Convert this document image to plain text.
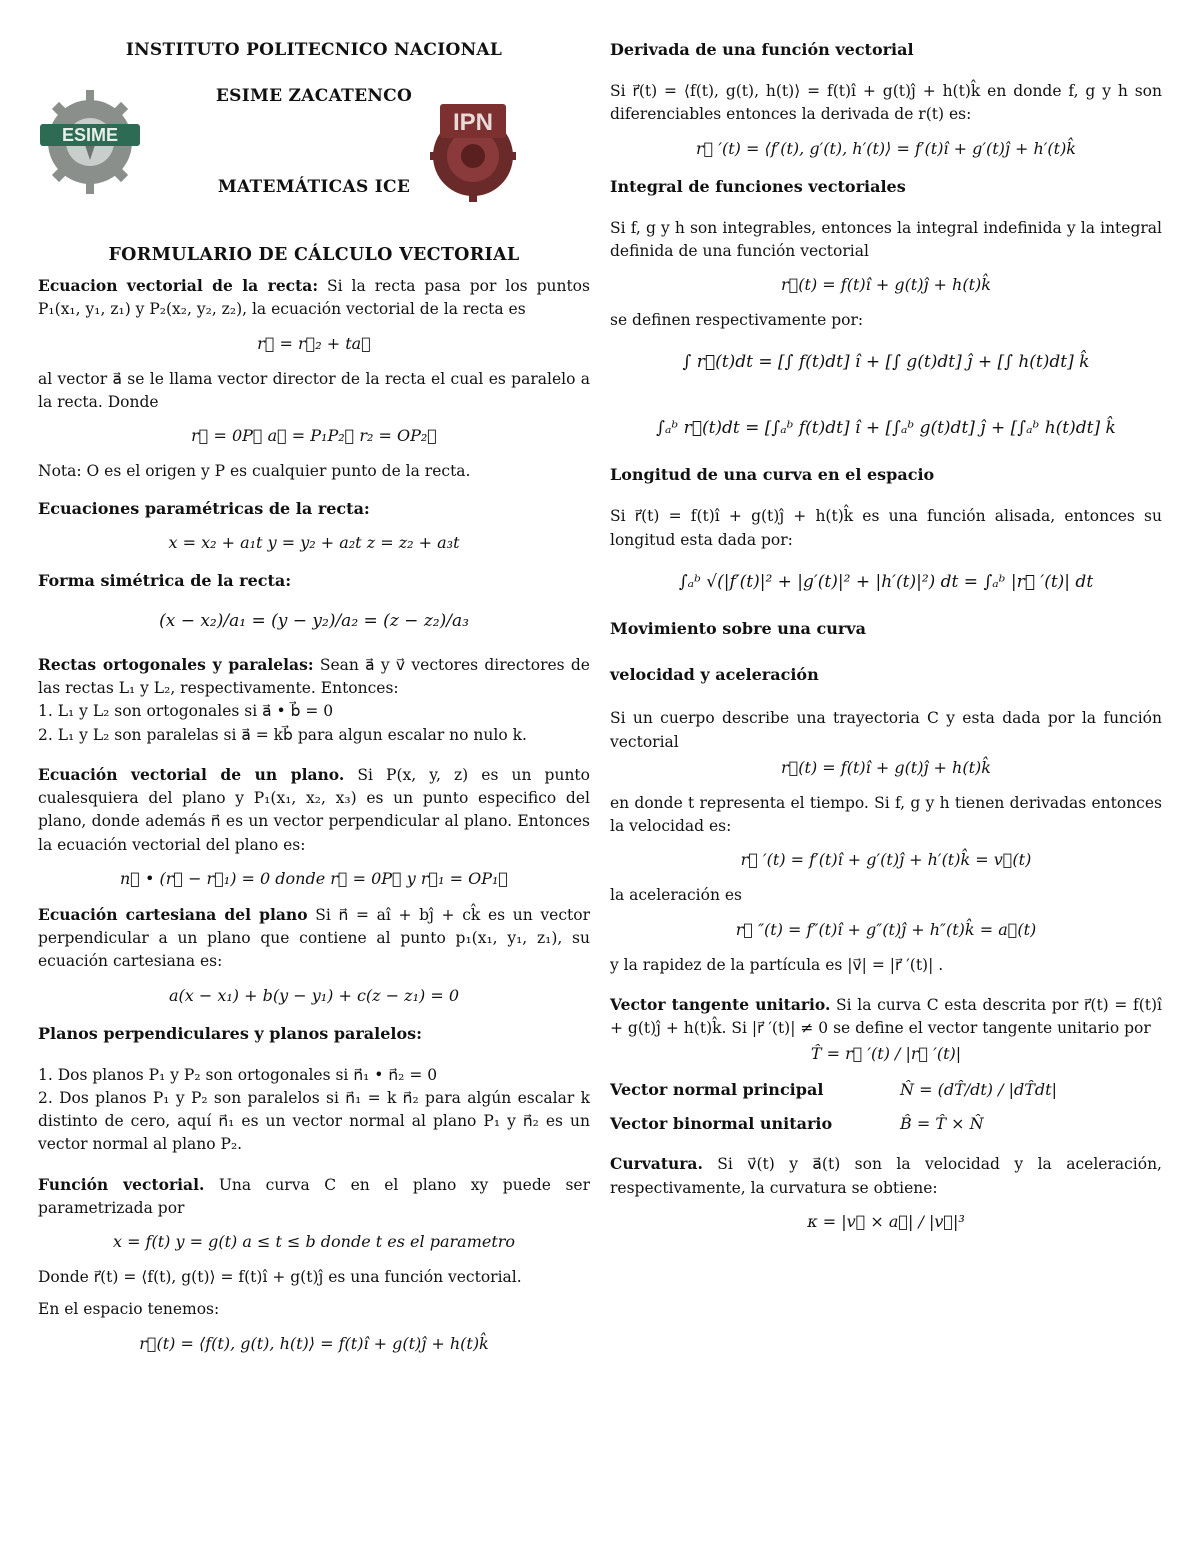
ESIME	IPN
INSTITUTO POLITECNICO NACIONAL
ESIME ZACATENCO
MATEMÁTICAS ICE
FORMULARIO DE CÁLCULO VECTORIAL

Ecuacion vectorial de la recta: Si la recta pasa por los puntos P₁(x₁, y₁, z₁) y P₂(x₂, y₂, z₂), la ecuación vectorial de la recta es

r⃗ = r⃗₂ + ta⃗

al vector a⃗ se le llama vector director de la recta el cual es paralelo a la recta. Donde

r⃗ = 0P⃗ a⃗ = P₁P₂⃗ r₂ = OP₂⃗

Nota: O es el origen y P es cualquier punto de la recta.

Ecuaciones paramétricas de la recta:
x = x₂ + a₁t y = y₂ + a₂t z = z₂ + a₃t
Forma simétrica de la recta:
(x − x₂)/a₁ = (y − y₂)/a₂ = (z − z₂)/a₃

Rectas ortogonales y paralelas: Sean a⃗ y v⃗ vectores directores de las rectas L₁ y L₂, respectivamente. Entonces:
1. L₁ y L₂ son ortogonales si a⃗ • b⃗ = 0
2. L₁ y L₂ son paralelas si a⃗ = kb⃗ para algun escalar no nulo k.

Ecuación vectorial de un plano. Si P(x, y, z) es un punto cualesquiera del plano y P₁(x₁, x₂, x₃) es un punto especifico del plano, donde además n⃗ es un vector perpendicular al plano. Entonces la ecuación vectorial del plano es:

n⃗ • (r⃗ − r⃗₁) = 0 donde r⃗ = 0P⃗ y r⃗₁ = OP₁⃗

Ecuación cartesiana del plano Si n⃗ = aî + bĵ + ck̂ es un vector perpendicular a un plano que contiene al punto p₁(x₁, y₁, z₁), su ecuación cartesiana es:

a(x − x₁) + b(y − y₁) + c(z − z₁) = 0
Planos perpendiculares y planos paralelos:

1. Dos planos P₁ y P₂ son ortogonales si n⃗₁ • n⃗₂ = 0
2. Dos planos P₁ y P₂ son paralelos si n⃗₁ = k n⃗₂ para algún escalar k distinto de cero, aquí n⃗₁ es un vector normal al plano P₁ y n⃗₂ es un vector normal al plano P₂.

Función vectorial. Una curva C en el plano xy puede ser parametrizada por

x = f(t) y = g(t) a ≤ t ≤ b donde t es el parametro

Donde r⃗(t) = ⟨f(t), g(t)⟩ = f(t)î + g(t)ĵ es una función vectorial.

En el espacio tenemos:

r⃗(t) = ⟨f(t), g(t), h(t)⟩ = f(t)î + g(t)ĵ + h(t)k̂
Derivada de una función vectorial

Si r⃗(t) = ⟨f(t), g(t), h(t)⟩ = f(t)î + g(t)ĵ + h(t)k̂ en donde f, g y h son diferenciables entonces la derivada de r(t) es:

r⃗ ′(t) = ⟨f′(t), g′(t), h′(t)⟩ = f′(t)î + g′(t)ĵ + h′(t)k̂
Integral de funciones vectoriales

Si f, g y h son integrables, entonces la integral indefinida y la integral definida de una función vectorial

r⃗(t) = f(t)î + g(t)ĵ + h(t)k̂

se definen respectivamente por:

∫ r⃗(t)dt = [∫ f(t)dt] î + [∫ g(t)dt] ĵ + [∫ h(t)dt] k̂
∫ₐᵇ r⃗(t)dt = [∫ₐᵇ f(t)dt] î + [∫ₐᵇ g(t)dt] ĵ + [∫ₐᵇ h(t)dt] k̂
Longitud de una curva en el espacio

Si r⃗(t) = f(t)î + g(t)ĵ + h(t)k̂ es una función alisada, entonces su longitud esta dada por:

∫ₐᵇ √(|f′(t)|² + |g′(t)|² + |h′(t)|²) dt = ∫ₐᵇ |r⃗ ′(t)| dt
Movimiento sobre una curva
velocidad y aceleración

Si un cuerpo describe una trayectoria C y esta dada por la función vectorial

r⃗(t) = f(t)î + g(t)ĵ + h(t)k̂

en donde t representa el tiempo. Si f, g y h tienen derivadas entonces la velocidad es:

r⃗ ′(t) = f′(t)î + g′(t)ĵ + h′(t)k̂ = v⃗(t)

la aceleración es

r⃗ ″(t) = f″(t)î + g″(t)ĵ + h″(t)k̂ = a⃗(t)

y la rapidez de la partícula es |v⃗| = |r⃗ ′(t)| .

Vector tangente unitario. Si la curva C esta descrita por r⃗(t) = f(t)î + g(t)ĵ + h(t)k̂. Si |r⃗ ′(t)| ≠ 0 se define el vector tangente unitario por

T̂ = r⃗ ′(t) / |r⃗ ′(t)|
Vector normal principal	N̂ = (dT̂/dt) / |dT̂dt|
Vector binormal unitario	B̂ = T̂ × N̂

Curvatura. Si v⃗(t) y a⃗(t) son la velocidad y la aceleración, respectivamente, la curvatura se obtiene:

κ = |v⃗ × a⃗| / |v⃗|³
